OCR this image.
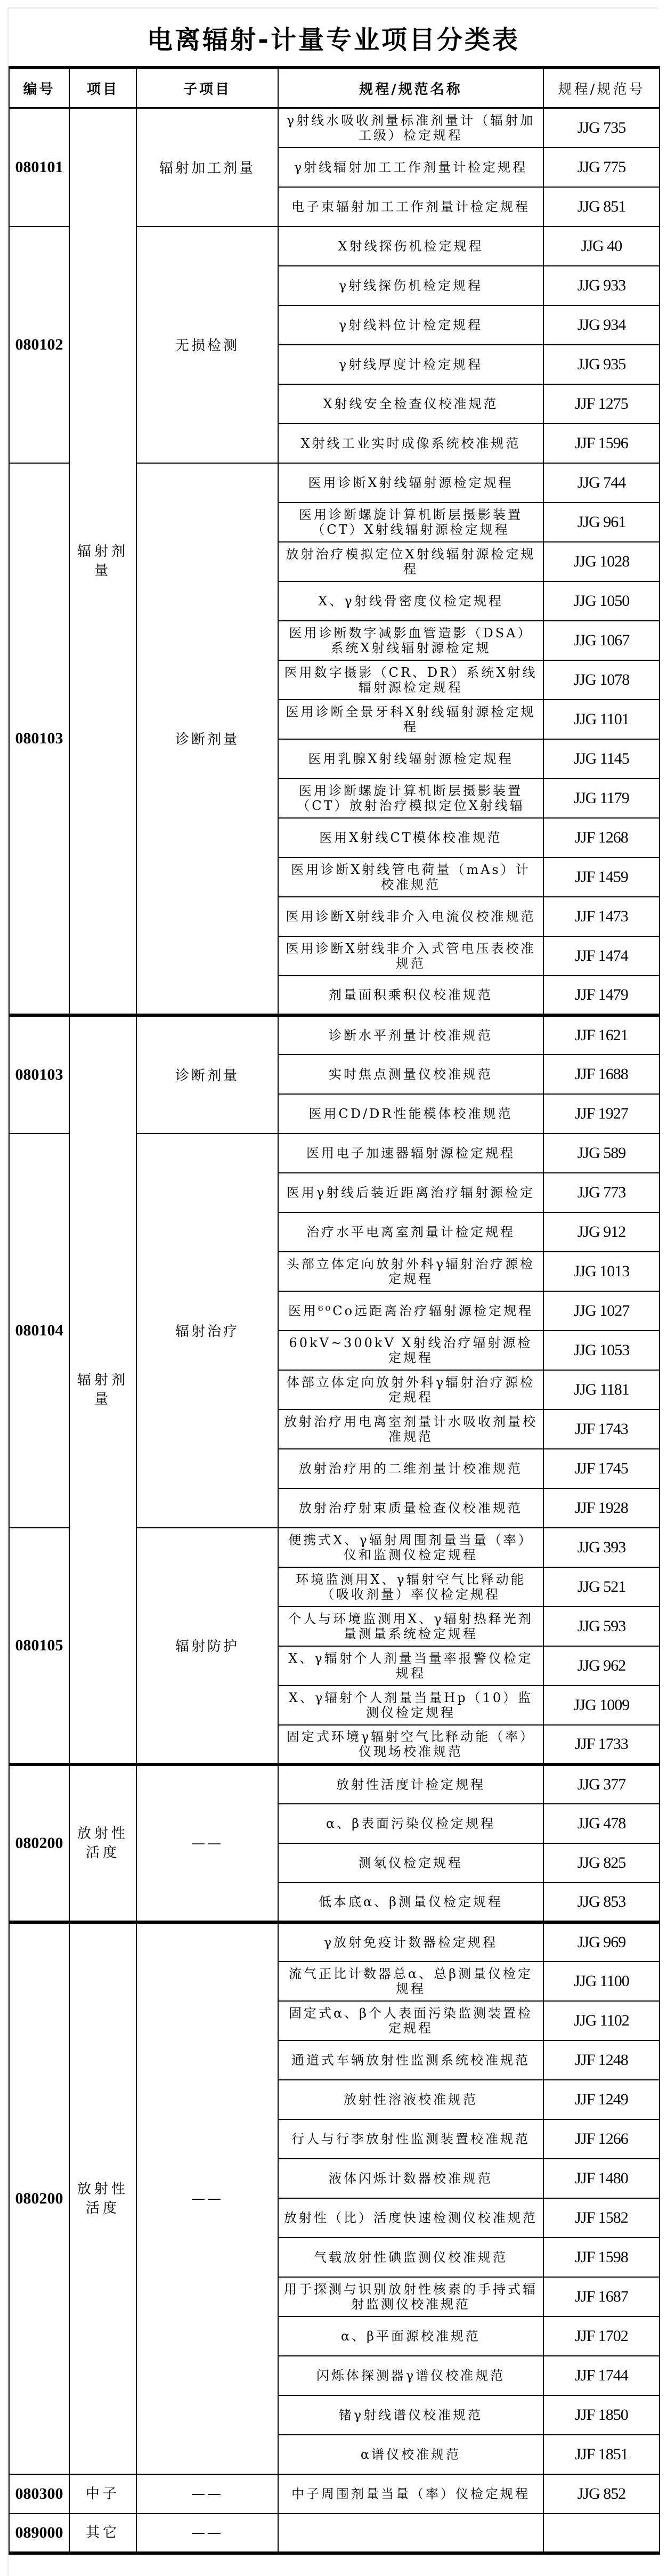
电离辐射-计量专业项目分类表
编号	项目	子项目	规程/规范名称	规程/规范号
080101	辐射剂量	辐射加工剂量	γ射线水吸收剂量标准剂量计（辐射加工级）检定规程	JJG 735
			γ射线辐射加工工作剂量计检定规程	JJG 775
			电子束辐射加工工作剂量计检定规程	JJG 851
080102		无损检测	X射线探伤机检定规程	JJG 40
			γ射线探伤机检定规程	JJG 933
			γ射线料位计检定规程	JJG 934
			γ射线厚度计检定规程	JJG 935
			X射线安全检查仪校准规范	JJF 1275
			X射线工业实时成像系统校准规范	JJF 1596
080103		诊断剂量	医用诊断X射线辐射源检定规程	JJG 744
			医用诊断螺旋计算机断层摄影装置（CT）X射线辐射源检定规程	JJG 961
			放射治疗模拟定位X射线辐射源检定规程	JJG 1028
			X、γ射线骨密度仪检定规程	JJG 1050
			医用诊断数字减影血管造影（DSA）系统X射线辐射源检定规	JJG 1067
			医用数字摄影（CR、DR）系统X射线辐射源检定规程	JJG 1078
			医用诊断全景牙科X射线辐射源检定规程	JJG 1101
			医用乳腺X射线辐射源检定规程	JJG 1145
			医用诊断螺旋计算机断层摄影装置（CT）放射治疗模拟定位X射线辐	JJG 1179
			医用X射线CT模体校准规范	JJF 1268
			医用诊断X射线管电荷量（mAs）计校准规范	JJF 1459
			医用诊断X射线非介入电流仪校准规范	JJF 1473
			医用诊断X射线非介入式管电压表校准规范	JJF 1474
			剂量面积乘积仪校准规范	JJF 1479
080103	辐射剂量	诊断剂量	诊断水平剂量计校准规范	JJF 1621
			实时焦点测量仪校准规范	JJF 1688
			医用CD/DR性能模体校准规范	JJF 1927
080104		辐射治疗	医用电子加速器辐射源检定规程	JJG 589
			医用γ射线后装近距离治疗辐射源检定	JJG 773
			治疗水平电离室剂量计检定规程	JJG 912
			头部立体定向放射外科γ辐射治疗源检定规程	JJG 1013
			医用⁶⁰Co远距离治疗辐射源检定规程	JJG 1027
			60kV~300kV X射线治疗辐射源检定规程	JJG 1053
			体部立体定向放射外科γ辐射治疗源检定规程	JJG 1181
			放射治疗用电离室剂量计水吸收剂量校准规范	JJF 1743
			放射治疗用的二维剂量计校准规范	JJF 1745
			放射治疗射束质量检查仪校准规范	JJF 1928
080105		辐射防护	便携式X、γ辐射周围剂量当量（率）仪和监测仪检定规程	JJG 393
			环境监测用X、γ辐射空气比释动能（吸收剂量）率仪检定规程	JJG 521
			个人与环境监测用X、γ辐射热释光剂量测量系统检定规程	JJG 593
			X、γ辐射个人剂量当量率报警仪检定规程	JJG 962
			X、γ辐射个人剂量当量Hp（10）监测仪检定规程	JJG 1009
			固定式环境γ辐射空气比释动能（率）仪现场校准规范	JJF 1733
080200	放射性活度	——	放射性活度计检定规程	JJG 377
			α、β表面污染仪检定规程	JJG 478
			测氡仪检定规程	JJG 825
			低本底α、β测量仪检定规程	JJG 853
080200	放射性活度	——	γ放射免疫计数器检定规程	JJG 969
			流气正比计数器总α、总β测量仪检定规程	JJG 1100
			固定式α、β个人表面污染监测装置检定规程	JJG 1102
			通道式车辆放射性监测系统校准规范	JJF 1248
			放射性溶液校准规范	JJF 1249
			行人与行李放射性监测装置校准规范	JJF 1266
			液体闪烁计数器校准规范	JJF 1480
			放射性（比）活度快速检测仪校准规范	JJF 1582
			气载放射性碘监测仪校准规范	JJF 1598
			用于探测与识别放射性核素的手持式辐射监测仪校准规范	JJF 1687
			α、β平面源校准规范	JJF 1702
			闪烁体探测器γ谱仪校准规范	JJF 1744
			锗γ射线谱仪校准规范	JJF 1850
			α谱仪校准规范	JJF 1851
080300	中子	——	中子周围剂量当量（率）仪检定规程	JJG 852
089000	其它	——		
